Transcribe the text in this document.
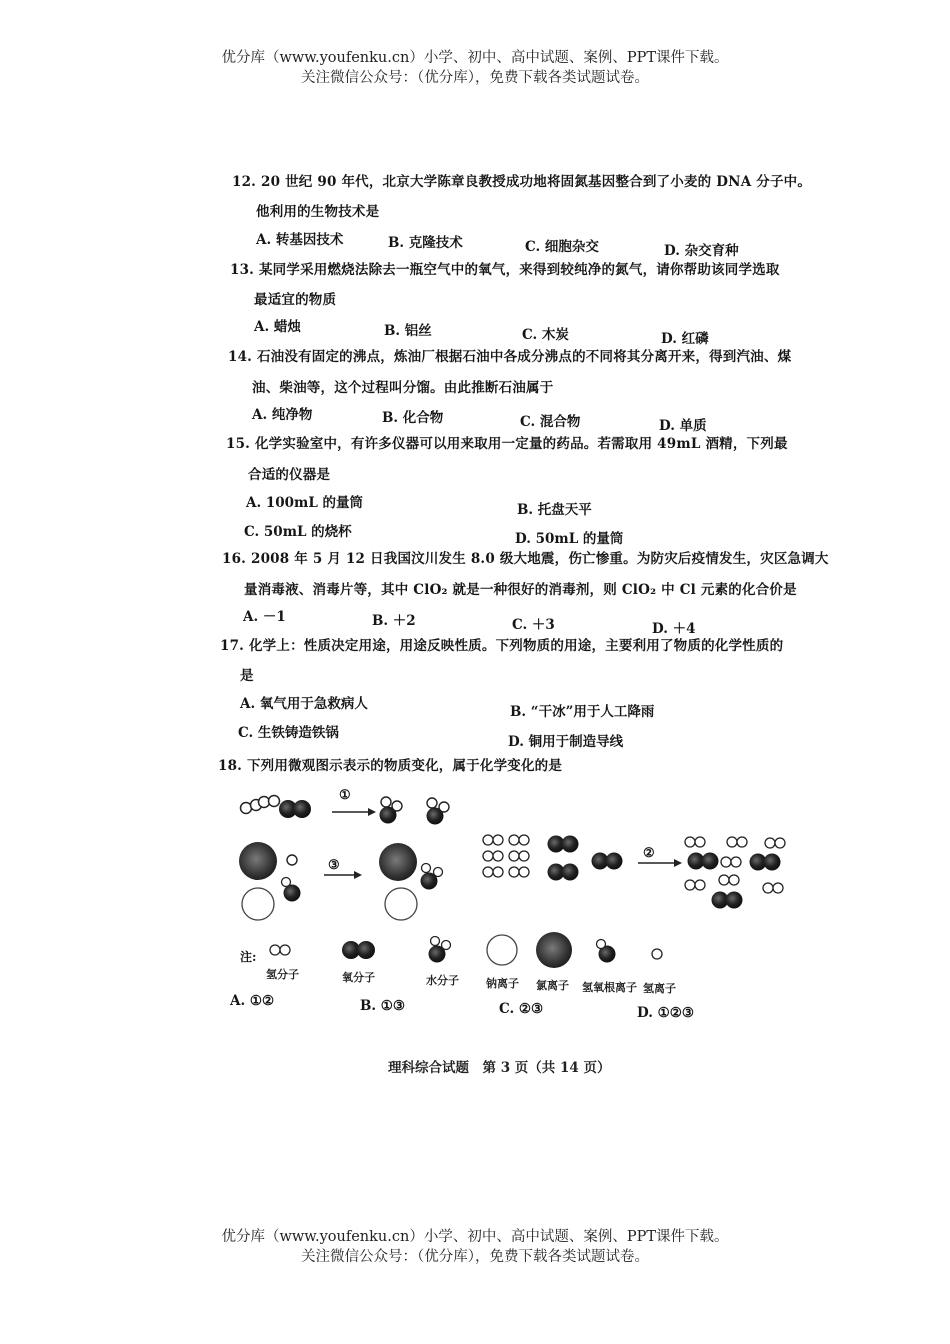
优分库（www.youfenku.cn）小学、初中、高中试题、案例、PPT课件下载。
关注微信公众号：（优分库），免费下载各类试题试卷。
12. 20 世纪 90 年代，北京大学陈章良教授成功地将固氮基因整合到了小麦的 DNA 分子中。
他利用的生物技术是
A. 转基因技术	B. 克隆技术	C. 细胞杂交	D. 杂交育种
13. 某同学采用燃烧法除去一瓶空气中的氧气，来得到较纯净的氮气，请你帮助该同学选取
最适宜的物质
A. 蜡烛	B. 铝丝	C. 木炭	D. 红磷
14. 石油没有固定的沸点，炼油厂根据石油中各成分沸点的不同将其分离开来，得到汽油、煤
油、柴油等，这个过程叫分馏。由此推断石油属于
A. 纯净物	B. 化合物	C. 混合物	D. 单质
15. 化学实验室中，有许多仪器可以用来取用一定量的药品。若需取用 49mL 酒精，下列最
合适的仪器是
A. 100mL 的量筒	B. 托盘天平
C. 50mL 的烧杯	D. 50mL 的量筒
16. 2008 年 5 月 12 日我国汶川发生 8.0 级大地震，伤亡惨重。为防灾后疫情发生，灾区急调大
量消毒液、消毒片等，其中 ClO₂ 就是一种很好的消毒剂，则 ClO₂ 中 Cl 元素的化合价是
A. －1	B. ＋2	C. ＋3	D. ＋4
17. 化学上：性质决定用途，用途反映性质。下列物质的用途，主要利用了物质的化学性质的
是
A. 氧气用于急救病人	B. “干冰”用于人工降雨
C. 生铁铸造铁锅
D. 铜用于制造导线
18. 下列用微观图示表示的物质变化，属于化学变化的是
①
③
②
注:
氢分子	氧分子	水分子 钠离子 氯离子 氢氧根离子 氢离子
A. ①②	B. ①③	C. ②③	D. ①②③
理科综合试题　第 3 页（共 14 页）
优分库（www.youfenku.cn）小学、初中、高中试题、案例、PPT课件下载。
关注微信公众号：（优分库），免费下载各类试题试卷。
